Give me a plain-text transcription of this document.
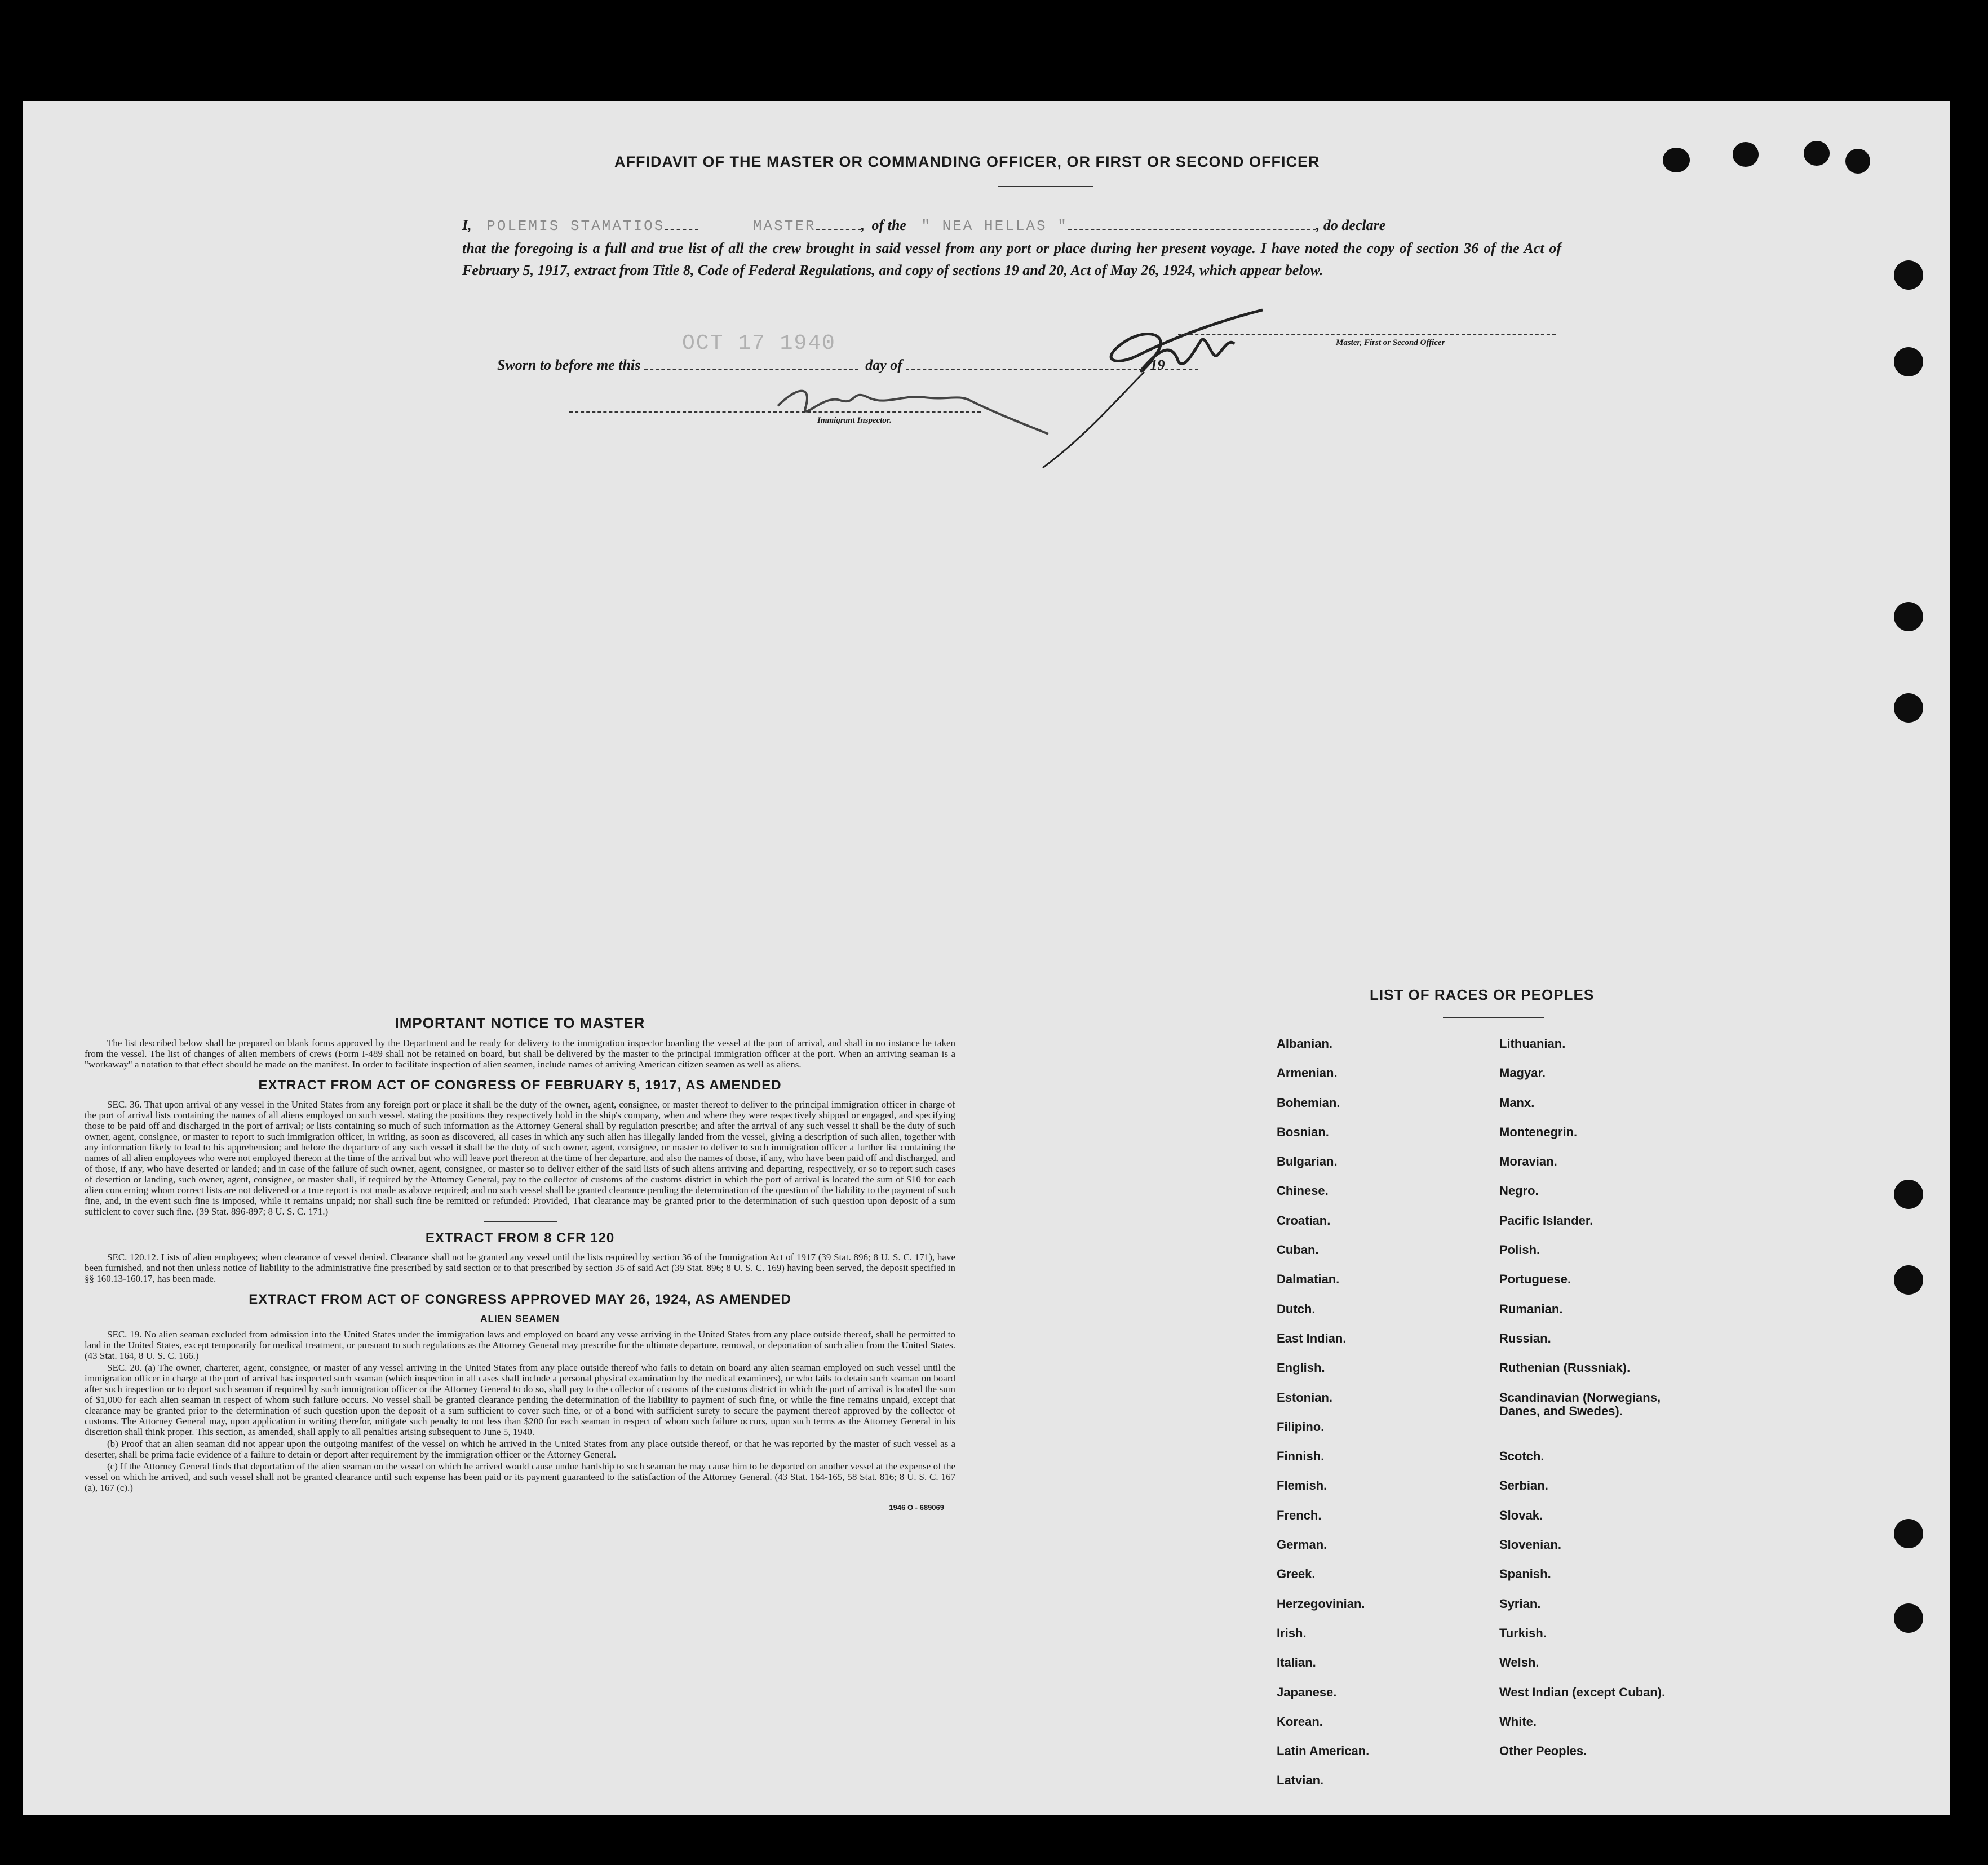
AFFIDAVIT OF THE MASTER OR COMMANDING OFFICER, OR FIRST OR SECOND OFFICER
I, POLEMIS STAMATIOS	MASTER	, of the " NEA HELLAS "	, do declare
that the foregoing is a full and true list of all the crew brought in said vessel from any port or place during her present voyage. I have noted the copy of section 36 of the Act of February 5, 1917, extract from Title 8, Code of Federal Regulations, and copy of sections 19 and 20, Act of May 26, 1924, which appear below.
Master, First or Second Officer
Sworn to before me this	day of	, 19
OCT 17 1940
Immigrant Inspector.
IMPORTANT NOTICE TO MASTER

The list described below shall be prepared on blank forms approved by the Department and be ready for delivery to the immigration inspector boarding the vessel at the port of arrival, and shall in no instance be taken from the vessel. The list of changes of alien members of crews (Form I-489 shall not be retained on board, but shall be delivered by the master to the principal immigration officer at the port. When an arriving seaman is a "workaway" a notation to that effect should be made on the manifest. In order to facilitate inspection of alien seamen, include names of arriving American citizen seamen as well as aliens.

EXTRACT FROM ACT OF CONGRESS OF FEBRUARY 5, 1917, AS AMENDED

SEC. 36. That upon arrival of any vessel in the United States from any foreign port or place it shall be the duty of the owner, agent, consignee, or master thereof to deliver to the principal immigration officer in charge of the port of arrival lists containing the names of all aliens employed on such vessel, stating the positions they respectively hold in the ship's company, when and where they were respectively shipped or engaged, and specifying those to be paid off and discharged in the port of arrival; or lists containing so much of such information as the Attorney General shall by regulation prescribe; and after the arrival of any such vessel it shall be the duty of such owner, agent, consignee, or master to report to such immigration officer, in writing, as soon as discovered, all cases in which any such alien has illegally landed from the vessel, giving a description of such alien, together with any information likely to lead to his apprehension; and before the departure of any such vessel it shall be the duty of such owner, agent, consignee, or master to deliver to such immigration officer a further list containing the names of all alien employees who were not employed thereon at the time of the arrival but who will leave port thereon at the time of her departure, and also the names of those, if any, who have been paid off and discharged, and of those, if any, who have deserted or landed; and in case of the failure of such owner, agent, consignee, or master so to deliver either of the said lists of such aliens arriving and departing, respectively, or so to report such cases of desertion or landing, such owner, agent, consignee, or master shall, if required by the Attorney General, pay to the collector of customs of the customs district in which the port of arrival is located the sum of $10 for each alien concerning whom correct lists are not delivered or a true report is not made as above required; and no such vessel shall be granted clearance pending the determination of the question of the liability to the payment of such fine, and, in the event such fine is imposed, while it remains unpaid; nor shall such fine be remitted or refunded: Provided, That clearance may be granted prior to the determination of such question upon deposit of a sum sufficient to cover such fine. (39 Stat. 896-897; 8 U. S. C. 171.)

EXTRACT FROM 8 CFR 120

SEC. 120.12. Lists of alien employees; when clearance of vessel denied. Clearance shall not be granted any vessel until the lists required by section 36 of the Immigration Act of 1917 (39 Stat. 896; 8 U. S. C. 171), have been furnished, and not then unless notice of liability to the administrative fine prescribed by said section or to that prescribed by section 35 of said Act (39 Stat. 896; 8 U. S. C. 169) having been served, the deposit specified in §§ 160.13-160.17, has been made.

EXTRACT FROM ACT OF CONGRESS APPROVED MAY 26, 1924, AS AMENDED
ALIEN SEAMEN

SEC. 19. No alien seaman excluded from admission into the United States under the immigration laws and employed on board any vesse arriving in the United States from any place outside thereof, shall be permitted to land in the United States, except temporarily for medical treatment, or pursuant to such regulations as the Attorney General may prescribe for the ultimate departure, removal, or deportation of such alien from the United States. (43 Stat. 164, 8 U. S. C. 166.)

SEC. 20. (a) The owner, charterer, agent, consignee, or master of any vessel arriving in the United States from any place outside thereof who fails to detain on board any alien seaman employed on such vessel until the immigration officer in charge at the port of arrival has inspected such seaman (which inspection in all cases shall include a personal physical examination by the medical examiners), or who fails to detain such seaman on board after such inspection or to deport such seaman if required by such immigration officer or the Attorney General to do so, shall pay to the collector of customs of the customs district in which the port of arrival is located the sum of $1,000 for each alien seaman in respect of whom such failure occurs. No vessel shall be granted clearance pending the determination of the liability to payment of such fine, or while the fine remains unpaid, except that clearance may be granted prior to the determination of such question upon the deposit of a sum sufficient to cover such fine, or of a bond with sufficient surety to secure the payment thereof approved by the collector of customs. The Attorney General may, upon application in writing therefor, mitigate such penalty to not less than $200 for each seaman in respect of whom such failure occurs, upon such terms as the Attorney General in his discretion shall think proper. This section, as amended, shall apply to all penalties arising subsequent to June 5, 1940.

(b) Proof that an alien seaman did not appear upon the outgoing manifest of the vessel on which he arrived in the United States from any place outside thereof, or that he was reported by the master of such vessel as a deserter, shall be prima facie evidence of a failure to detain or deport after requirement by the immigration officer or the Attorney General.

(c) If the Attorney General finds that deportation of the alien seaman on the vessel on which he arrived would cause undue hardship to such seaman he may cause him to be deported on another vessel at the expense of the vessel on which he arrived, and such vessel shall not be granted clearance until such expense has been paid or its payment guaranteed to the satisfaction of the Attorney General. (43 Stat. 164-165, 58 Stat. 816; 8 U. S. C. 167 (a), 167 (c).)

1946 O - 689069
LIST OF RACES OR PEOPLES
Albanian.
Armenian.
Bohemian.
Bosnian.
Bulgarian.
Chinese.
Croatian.
Cuban.
Dalmatian.
Dutch.
East Indian.
English.
Estonian.
Filipino.
Finnish.
Flemish.
French.
German.
Greek.
Herzegovinian.
Irish.
Italian.
Japanese.
Korean.
Latin American.
Latvian.
Lithuanian.
Magyar.
Manx.
Montenegrin.
Moravian.
Negro.
Pacific Islander.
Polish.
Portuguese.
Rumanian.
Russian.
Ruthenian (Russniak).
Scandinavian (Norwegians,
Danes, and Swedes).
Scotch.
Serbian.
Slovak.
Slovenian.
Spanish.
Syrian.
Turkish.
Welsh.
West Indian (except Cuban).
White.
Other Peoples.
